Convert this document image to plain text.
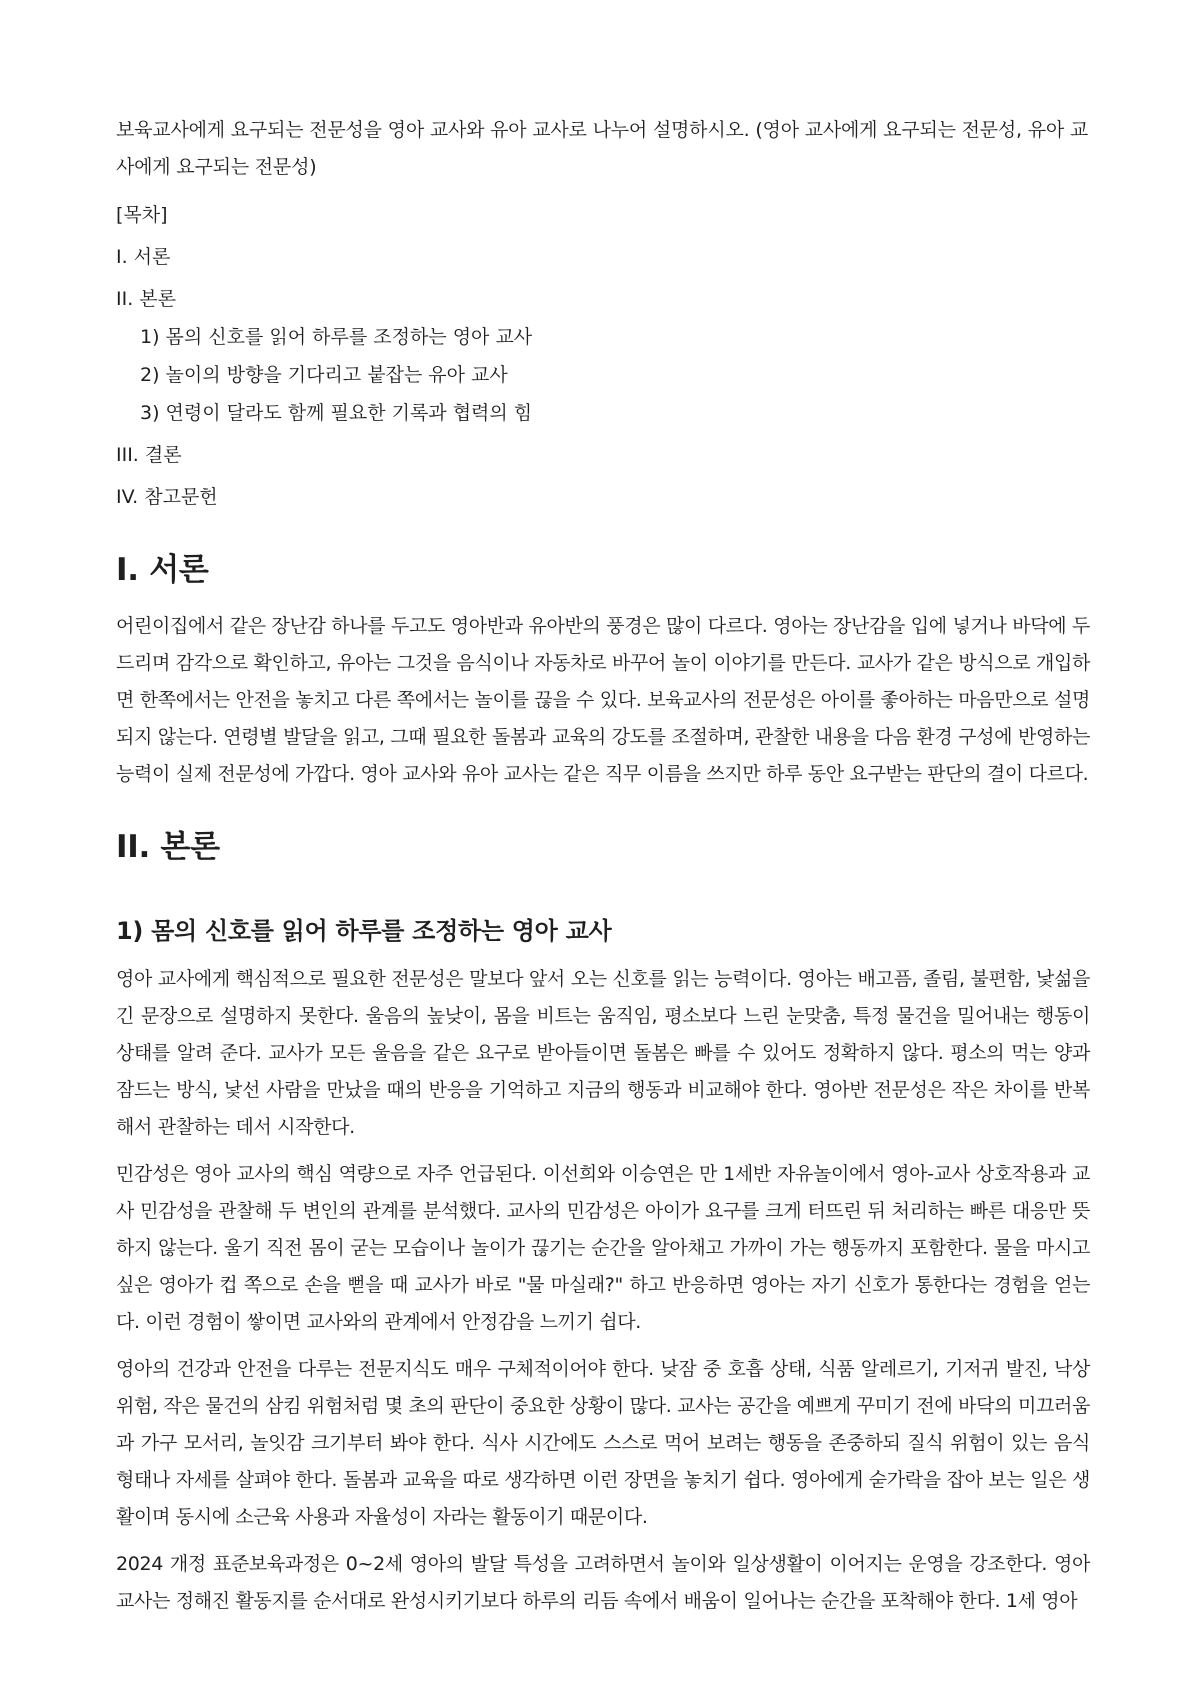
보육교사에게 요구되는 전문성을 영아 교사와 유아 교사로 나누어 설명하시오. (영아 교사에게 요구되는 전문성, 유아 교사에게 요구되는 전문성)

[목차]

I. 서론
II. 본론
1) 몸의 신호를 읽어 하루를 조정하는 영아 교사
2) 놀이의 방향을 기다리고 붙잡는 유아 교사
3) 연령이 달라도 함께 필요한 기록과 협력의 힘
III. 결론
IV. 참고문헌
I. 서론

어린이집에서 같은 장난감 하나를 두고도 영아반과 유아반의 풍경은 많이 다르다. 영아는 장난감을 입에 넣거나 바닥에 두드리며 감각으로 확인하고, 유아는 그것을 음식이나 자동차로 바꾸어 놀이 이야기를 만든다. 교사가 같은 방식으로 개입하면 한쪽에서는 안전을 놓치고 다른 쪽에서는 놀이를 끊을 수 있다. 보육교사의 전문성은 아이를 좋아하는 마음만으로 설명되지 않는다. 연령별 발달을 읽고, 그때 필요한 돌봄과 교육의 강도를 조절하며, 관찰한 내용을 다음 환경 구성에 반영하는 능력이 실제 전문성에 가깝다. 영아 교사와 유아 교사는 같은 직무 이름을 쓰지만 하루 동안 요구받는 판단의 결이 다르다.

II. 본론
1) 몸의 신호를 읽어 하루를 조정하는 영아 교사

영아 교사에게 핵심적으로 필요한 전문성은 말보다 앞서 오는 신호를 읽는 능력이다. 영아는 배고픔, 졸림, 불편함, 낯섦을 긴 문장으로 설명하지 못한다. 울음의 높낮이, 몸을 비트는 움직임, 평소보다 느린 눈맞춤, 특정 물건을 밀어내는 행동이 상태를 알려 준다. 교사가 모든 울음을 같은 요구로 받아들이면 돌봄은 빠를 수 있어도 정확하지 않다. 평소의 먹는 양과 잠드는 방식, 낯선 사람을 만났을 때의 반응을 기억하고 지금의 행동과 비교해야 한다. 영아반 전문성은 작은 차이를 반복해서 관찰하는 데서 시작한다.

민감성은 영아 교사의 핵심 역량으로 자주 언급된다. 이선희와 이승연은 만 1세반 자유놀이에서 영아-교사 상호작용과 교사 민감성을 관찰해 두 변인의 관계를 분석했다. 교사의 민감성은 아이가 요구를 크게 터뜨린 뒤 처리하는 빠른 대응만 뜻하지 않는다. 울기 직전 몸이 굳는 모습이나 놀이가 끊기는 순간을 알아채고 가까이 가는 행동까지 포함한다. 물을 마시고 싶은 영아가 컵 쪽으로 손을 뻗을 때 교사가 바로 "물 마실래?" 하고 반응하면 영아는 자기 신호가 통한다는 경험을 얻는다. 이런 경험이 쌓이면 교사와의 관계에서 안정감을 느끼기 쉽다.

영아의 건강과 안전을 다루는 전문지식도 매우 구체적이어야 한다. 낮잠 중 호흡 상태, 식품 알레르기, 기저귀 발진, 낙상 위험, 작은 물건의 삼킴 위험처럼 몇 초의 판단이 중요한 상황이 많다. 교사는 공간을 예쁘게 꾸미기 전에 바닥의 미끄러움과 가구 모서리, 놀잇감 크기부터 봐야 한다. 식사 시간에도 스스로 먹어 보려는 행동을 존중하되 질식 위험이 있는 음식 형태나 자세를 살펴야 한다. 돌봄과 교육을 따로 생각하면 이런 장면을 놓치기 쉽다. 영아에게 숟가락을 잡아 보는 일은 생활이며 동시에 소근육 사용과 자율성이 자라는 활동이기 때문이다.

2024 개정 표준보육과정은 0~2세 영아의 발달 특성을 고려하면서 놀이와 일상생활이 이어지는 운영을 강조한다. 영아 교사는 정해진 활동지를 순서대로 완성시키기보다 하루의 리듬 속에서 배움이 일어나는 순간을 포착해야 한다. 1세 영아
